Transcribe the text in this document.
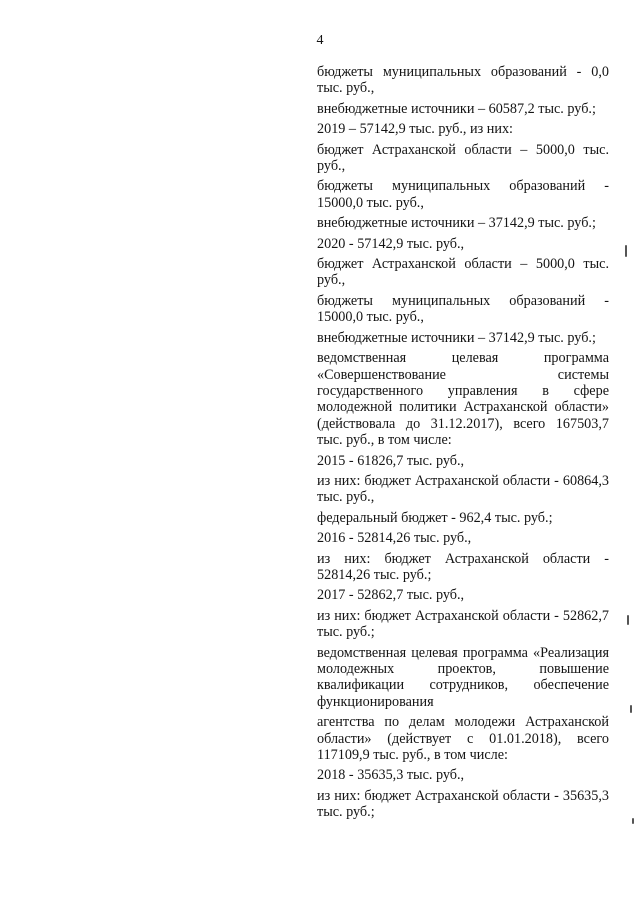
4

бюджеты муниципальных образований - 0,0 тыс. руб.,

внебюджетные источники – 60587,2 тыс. руб.;

2019 – 57142,9 тыс. руб., из них:

бюджет Астраханской области – 5000,0 тыс. руб.,

бюджеты муниципальных образований - 15000,0 тыс. руб.,

внебюджетные источники – 37142,9 тыс. руб.;

2020 - 57142,9 тыс. руб.,

бюджет Астраханской области – 5000,0 тыс. руб.,

бюджеты муниципальных образований - 15000,0 тыс. руб.,

внебюджетные источники – 37142,9 тыс. руб.;

ведомственная целевая программа «Совершенствование системы государственного управления в сфере молодежной политики Астраханской области» (действовала до 31.12.2017), всего 167503,7 тыс. руб., в том числе:

2015 - 61826,7 тыс. руб.,

из них: бюджет Астраханской области - 60864,3 тыс. руб.,

федеральный бюджет - 962,4 тыс. руб.;

2016 - 52814,26 тыс. руб.,

из них: бюджет Астраханской области - 52814,26 тыс. руб.;

2017 - 52862,7 тыс. руб.,

из них: бюджет Астраханской области - 52862,7 тыс. руб.;

ведомственная целевая программа «Реализация молодежных проектов, повышение квалификации сотрудников, обеспечение функционирования

агентства по делам молодежи Астраханской области» (действует с 01.01.2018), всего 117109,9 тыс. руб., в том числе:

2018 - 35635,3 тыс. руб.,

из них: бюджет Астраханской области - 35635,3 тыс. руб.;
